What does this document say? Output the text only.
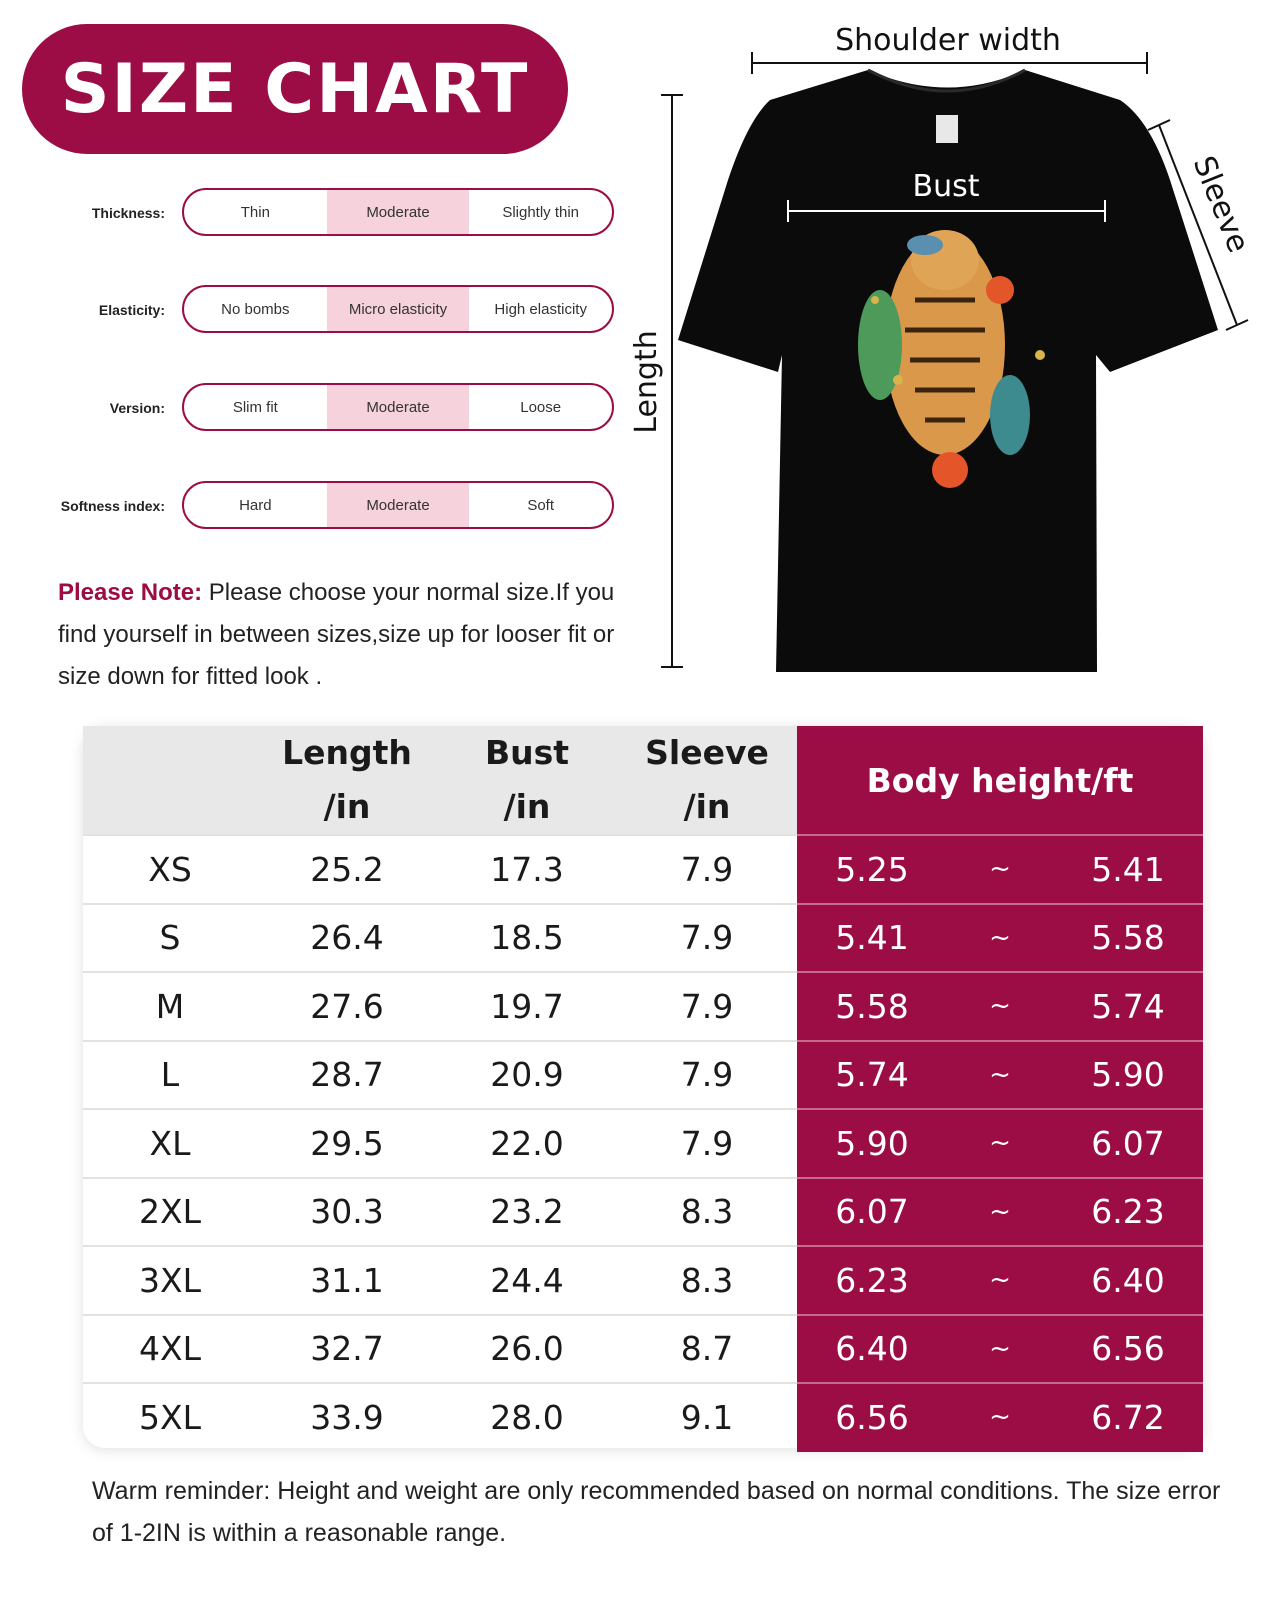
SIZE CHART
Thickness:	Thin	Moderate	Slightly thin
Elasticity:	No bombs	Micro elasticity	High elasticity
Version:	Slim fit	Moderate	Loose
Softness index:	Hard	Moderate	Soft
Please Note: Please choose your normal size.If you find yourself in between sizes,size up for looser fit or size down for fitted look .
Shoulder width
Length
Bust	Sleeve
Length
/in
Bust
/in
Sleeve
/in
Body height/ft
XS	25.2	17.3	7.9	5.25	~	5.41
S	26.4	18.5	7.9	5.41	~	5.58
M	27.6	19.7	7.9	5.58	~	5.74
L	28.7	20.9	7.9	5.74	~	5.90
XL	29.5	22.0	7.9	5.90	~	6.07
2XL	30.3	23.2	8.3	6.07	~	6.23
3XL	31.1	24.4	8.3	6.23	~	6.40
4XL	32.7	26.0	8.7	6.40	~	6.56
5XL	33.9	28.0	9.1	6.56	~	6.72
Warm reminder: Height and weight are only recommended based on normal conditions. The size error of 1-2IN is within a reasonable range.
